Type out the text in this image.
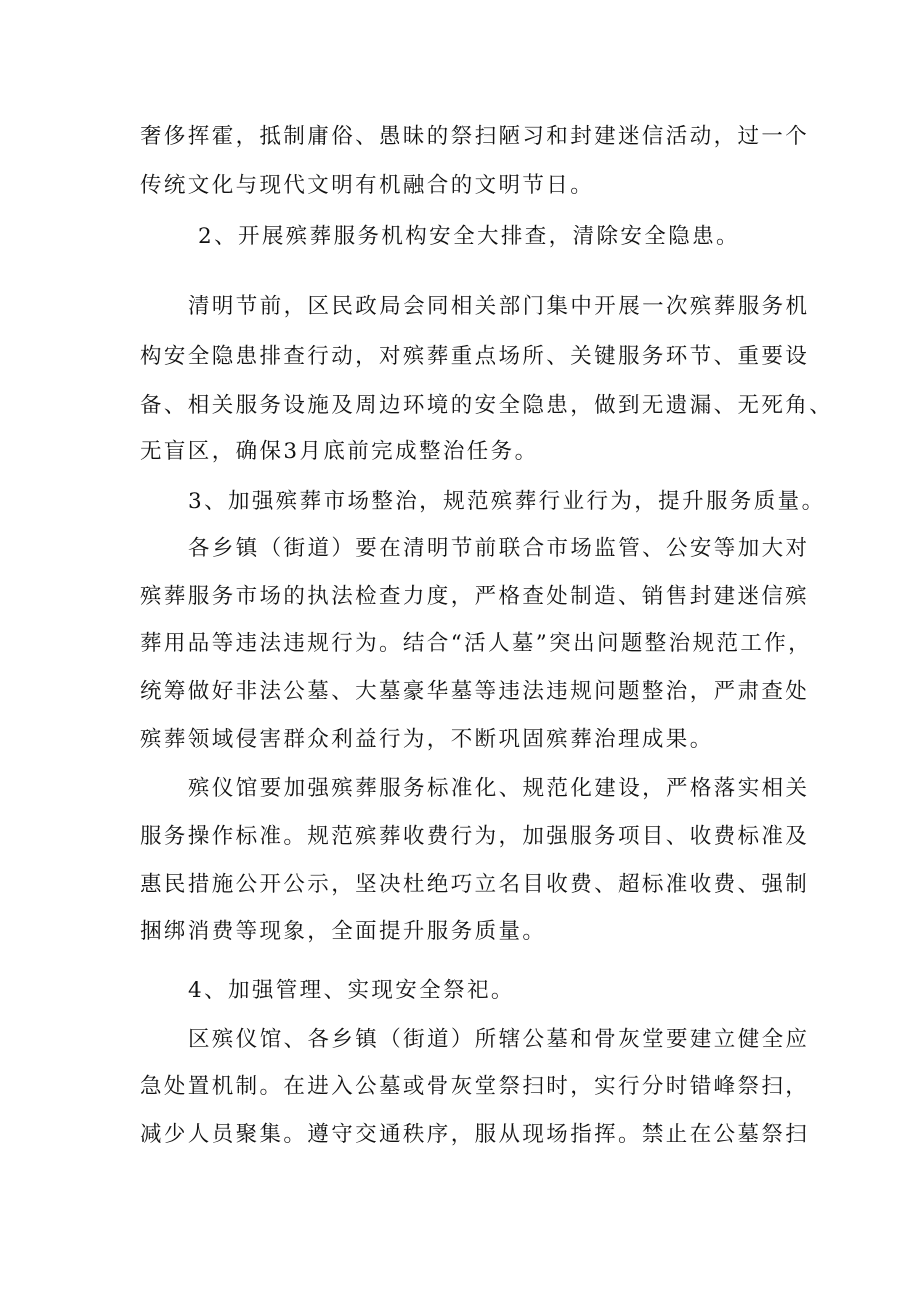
奢侈挥霍，抵制庸俗、愚昧的祭扫陋习和封建迷信活动，过一个
传统文化与现代文明有机融合的文明节日。
2、开展殡葬服务机构安全大排查，清除安全隐患。
清明节前，区民政局会同相关部门集中开展一次殡葬服务机
构安全隐患排查行动，对殡葬重点场所、关键服务环节、重要设
备、相关服务设施及周边环境的安全隐患，做到无遗漏、无死角、
无盲区，确保3月底前完成整治任务。
3、加强殡葬市场整治，规范殡葬行业行为，提升服务质量。
各乡镇（街道）要在清明节前联合市场监管、公安等加大对
殡葬服务市场的执法检查力度，严格查处制造、销售封建迷信殡
葬用品等违法违规行为。结合“活人墓”突出问题整治规范工作，
统筹做好非法公墓、大墓豪华墓等违法违规问题整治，严肃查处
殡葬领域侵害群众利益行为，不断巩固殡葬治理成果。
殡仪馆要加强殡葬服务标准化、规范化建设，严格落实相关
服务操作标准。规范殡葬收费行为，加强服务项目、收费标准及
惠民措施公开公示，坚决杜绝巧立名目收费、超标准收费、强制
捆绑消费等现象，全面提升服务质量。
4、加强管理、实现安全祭祀。
区殡仪馆、各乡镇（街道）所辖公墓和骨灰堂要建立健全应
急处置机制。在进入公墓或骨灰堂祭扫时，实行分时错峰祭扫，
减少人员聚集。遵守交通秩序，服从现场指挥。禁止在公墓祭扫
